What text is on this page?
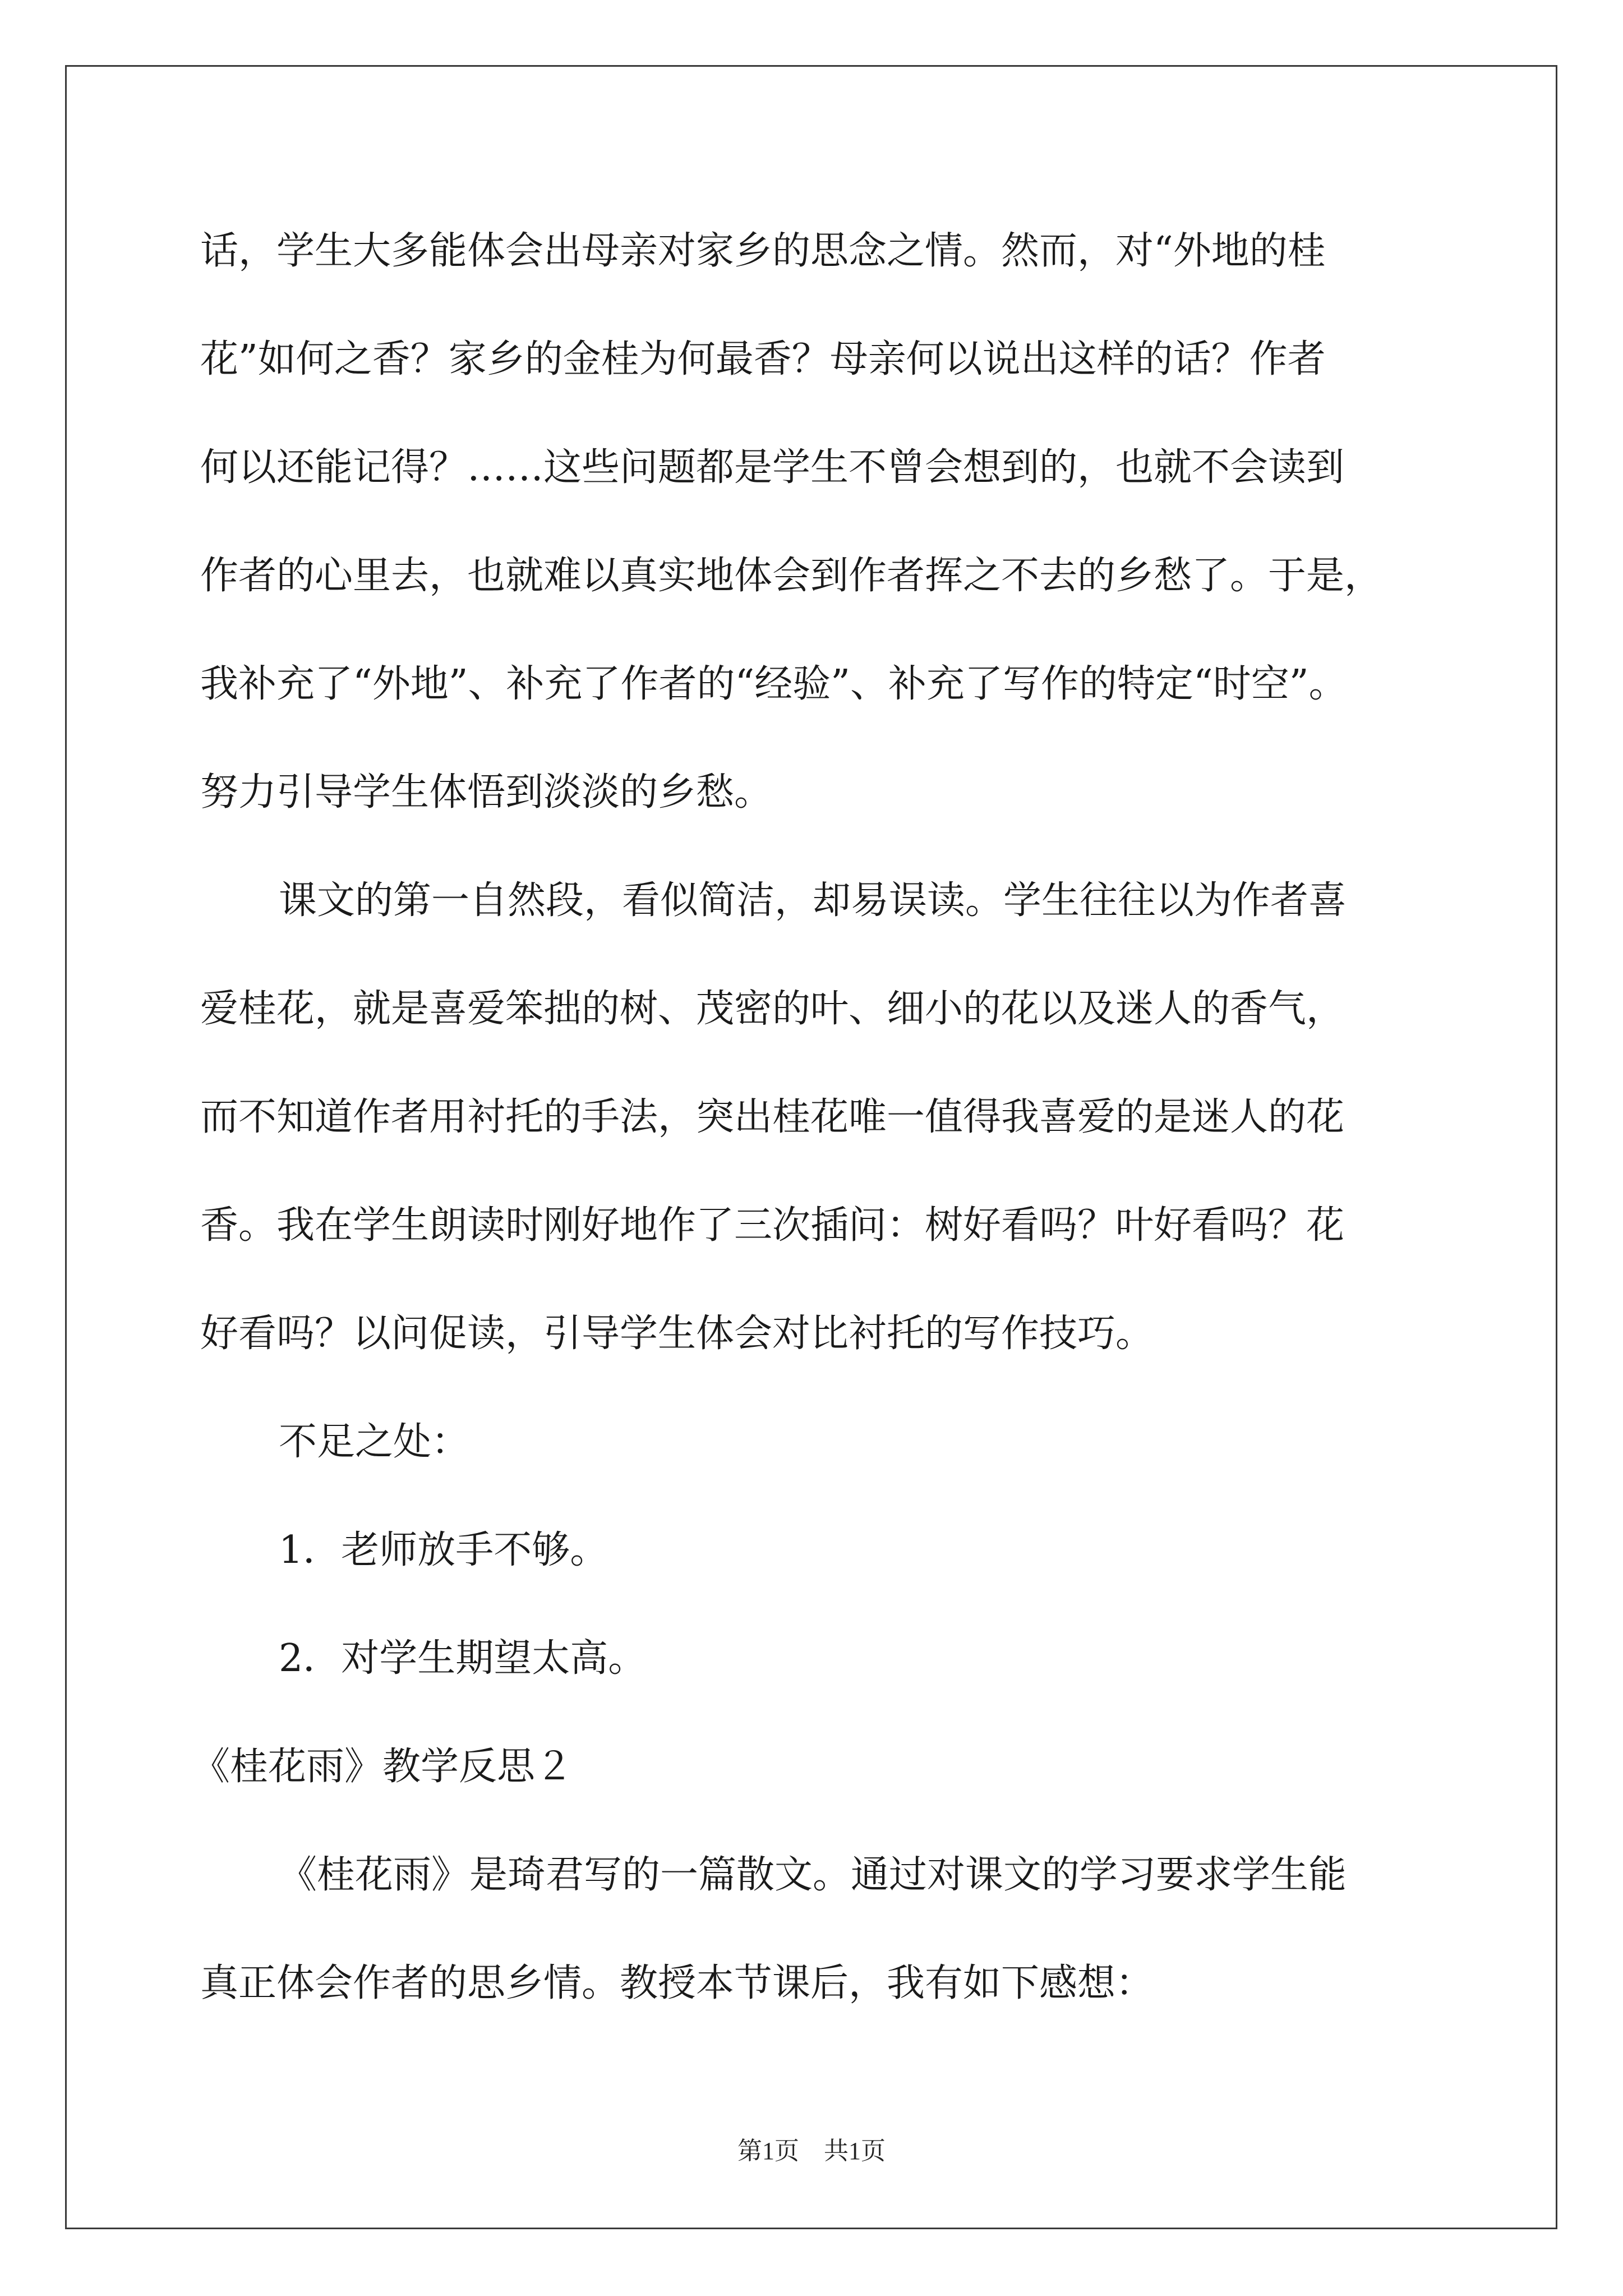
话，学生大多能体会出母亲对家乡的思念之情。然而，对“外地的桂

花”如何之香？家乡的金桂为何最香？母亲何以说出这样的话？作者

何以还能记得？……这些问题都是学生不曾会想到的，也就不会读到

作者的心里去，也就难以真实地体会到作者挥之不去的乡愁了。于是，

我补充了“外地”、补充了作者的“经验”、补充了写作的特定“时空”。

努力引导学生体悟到淡淡的乡愁。

课文的第一自然段，看似简洁，却易误读。学生往往以为作者喜

爱桂花，就是喜爱笨拙的树、茂密的叶、细小的花以及迷人的香气，

而不知道作者用衬托的手法，突出桂花唯一值得我喜爱的是迷人的花

香。我在学生朗读时刚好地作了三次插问：树好看吗？叶好看吗？花

好看吗？以问促读，引导学生体会对比衬托的写作技巧。

不足之处：

1．老师放手不够。

2．对学生期望太高。

《桂花雨》教学反思２

《桂花雨》是琦君写的一篇散文。通过对课文的学习要求学生能

真正体会作者的思乡情。教授本节课后，我有如下感想：

第1页　共1页
